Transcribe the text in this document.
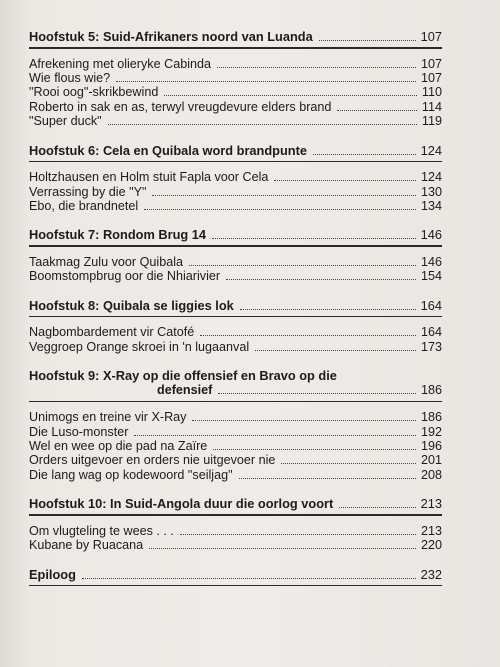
Hoofstuk 5: Suid-Afrikaners noord van Luanda	107
Afrekening met olieryke Cabinda	107
Wie flous wie?	107
"Rooi oog"-skrikbewind	110
Roberto in sak en as, terwyl vreugdevure elders brand	114
"Super duck"	119
Hoofstuk 6: Cela en Quibala word brandpunte	124
Holtzhausen en Holm stuit Fapla voor Cela	124
Verrassing by die "Y"	130
Ebo, die brandnetel	134
Hoofstuk 7: Rondom Brug 14	146
Taakmag Zulu voor Quibala	146
Boomstompbrug oor die Nhiarivier	154
Hoofstuk 8: Quibala se liggies lok	164
Nagbombardement vir Catofé	164
Veggroep Orange skroei in 'n lugaanval	173
Hoofstuk 9: X-Ray op die offensief en Bravo op die
defensief	186
Unimogs en treine vir X-Ray	186
Die Luso-monster	192
Wel en wee op die pad na Zaïre	196
Orders uitgevoer en orders nie uitgevoer nie	201
Die lang wag op kodewoord "seiljag"	208
Hoofstuk 10: In Suid-Angola duur die oorlog voort	213
Om vlugteling te wees . . .	213
Kubane by Ruacana	220
Epiloog	232
